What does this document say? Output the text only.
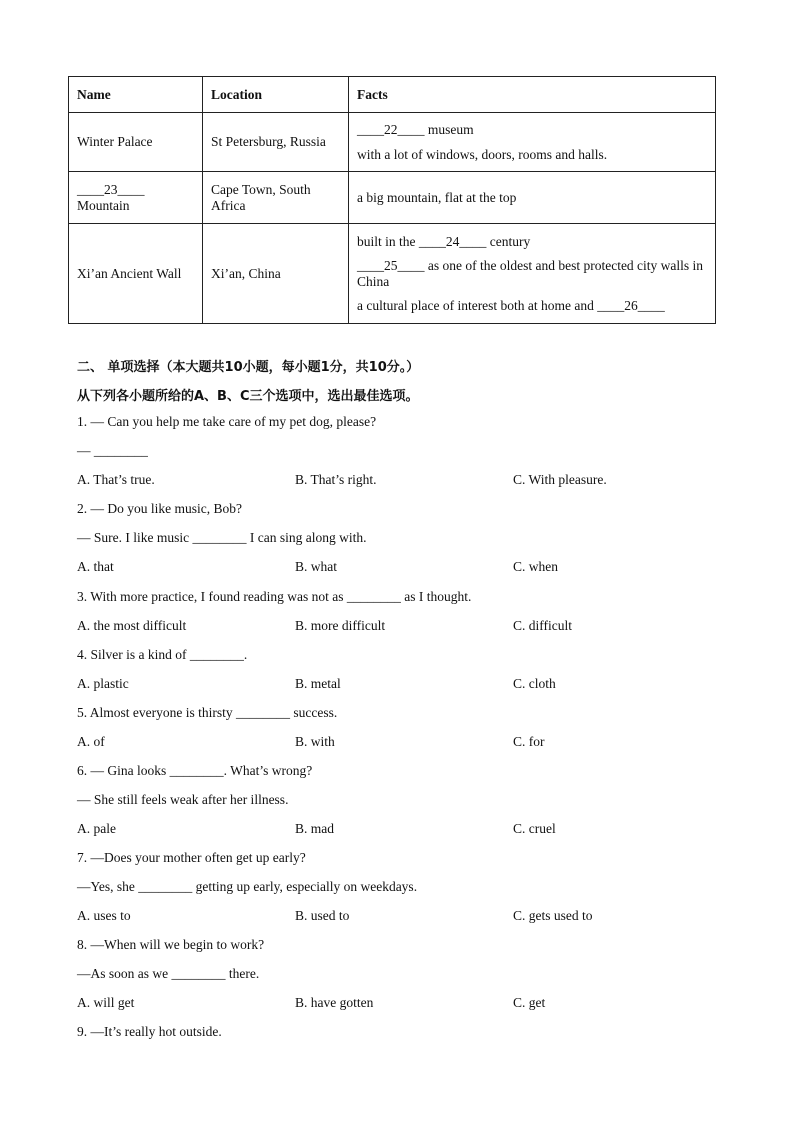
Name	Location	Facts
Winter Palace	St Petersburg, Russia	____22____ museum

with a lot of windows, doors, rooms and halls.

____23____ Mountain	Cape Town, South Africa	a big mountain, flat at the top

Xi’an Ancient Wall	Xi’an, China	built in the ____24____ century

____25____ as one of the oldest and best protected city walls in China

a cultural place of interest both at home and ____26____

二、 单项选择（本大题共10小题，每小题1分，共10分。）
从下列各小题所给的A、B、C三个选项中，选出最佳选项。
1. — Can you help me take care of my pet dog, please?
— ________
A. That’s true.	B. That’s right.	C. With pleasure.
2. — Do you like music, Bob?
— Sure. I like music ________ I can sing along with.
A. that	B. what	C. when
3. With more practice, I found reading was not as ________ as I thought.
A. the most difficult	B. more difficult	C. difficult
4. Silver is a kind of ________.
A. plastic	B. metal	C. cloth
5. Almost everyone is thirsty ________ success.
A. of	B. with	C. for
6. — Gina looks ________. What’s wrong?
— She still feels weak after her illness.
A. pale	B. mad	C. cruel
7. —Does your mother often get up early?
—Yes, she ________ getting up early, especially on weekdays.
A. uses to	B. used to	C. gets used to
8. —When will we begin to work?
—As soon as we ________ there.
A. will get	B. have gotten	C. get
9. —It’s really hot outside.
